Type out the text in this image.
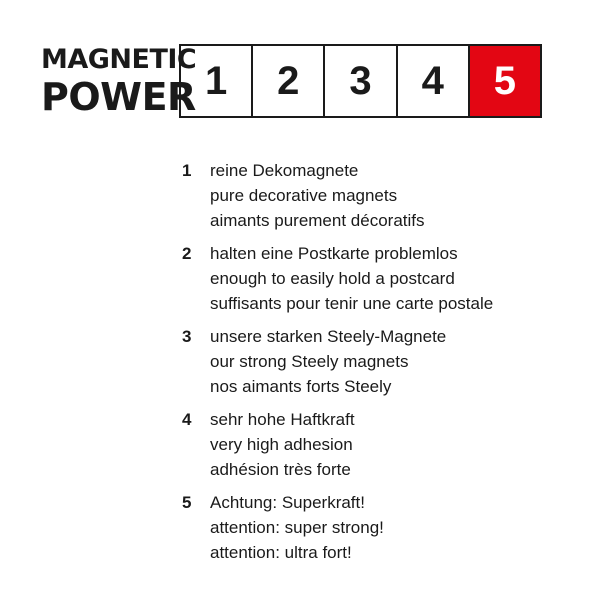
MAGNETIC
POWER 1	2	3	4	5
1 reine Dekomagnete
pure decorative magnets
aimants purement décoratifs
2 halten eine Postkarte problemlos
enough to easily hold a postcard
suffisants pour tenir une carte postale
3 unsere starken Steely-Magnete
our strong Steely magnets
nos aimants forts Steely
4 sehr hohe Haftkraft
very high adhesion
adhésion très forte
5 Achtung: Superkraft!
attention: super strong!
attention: ultra fort!
